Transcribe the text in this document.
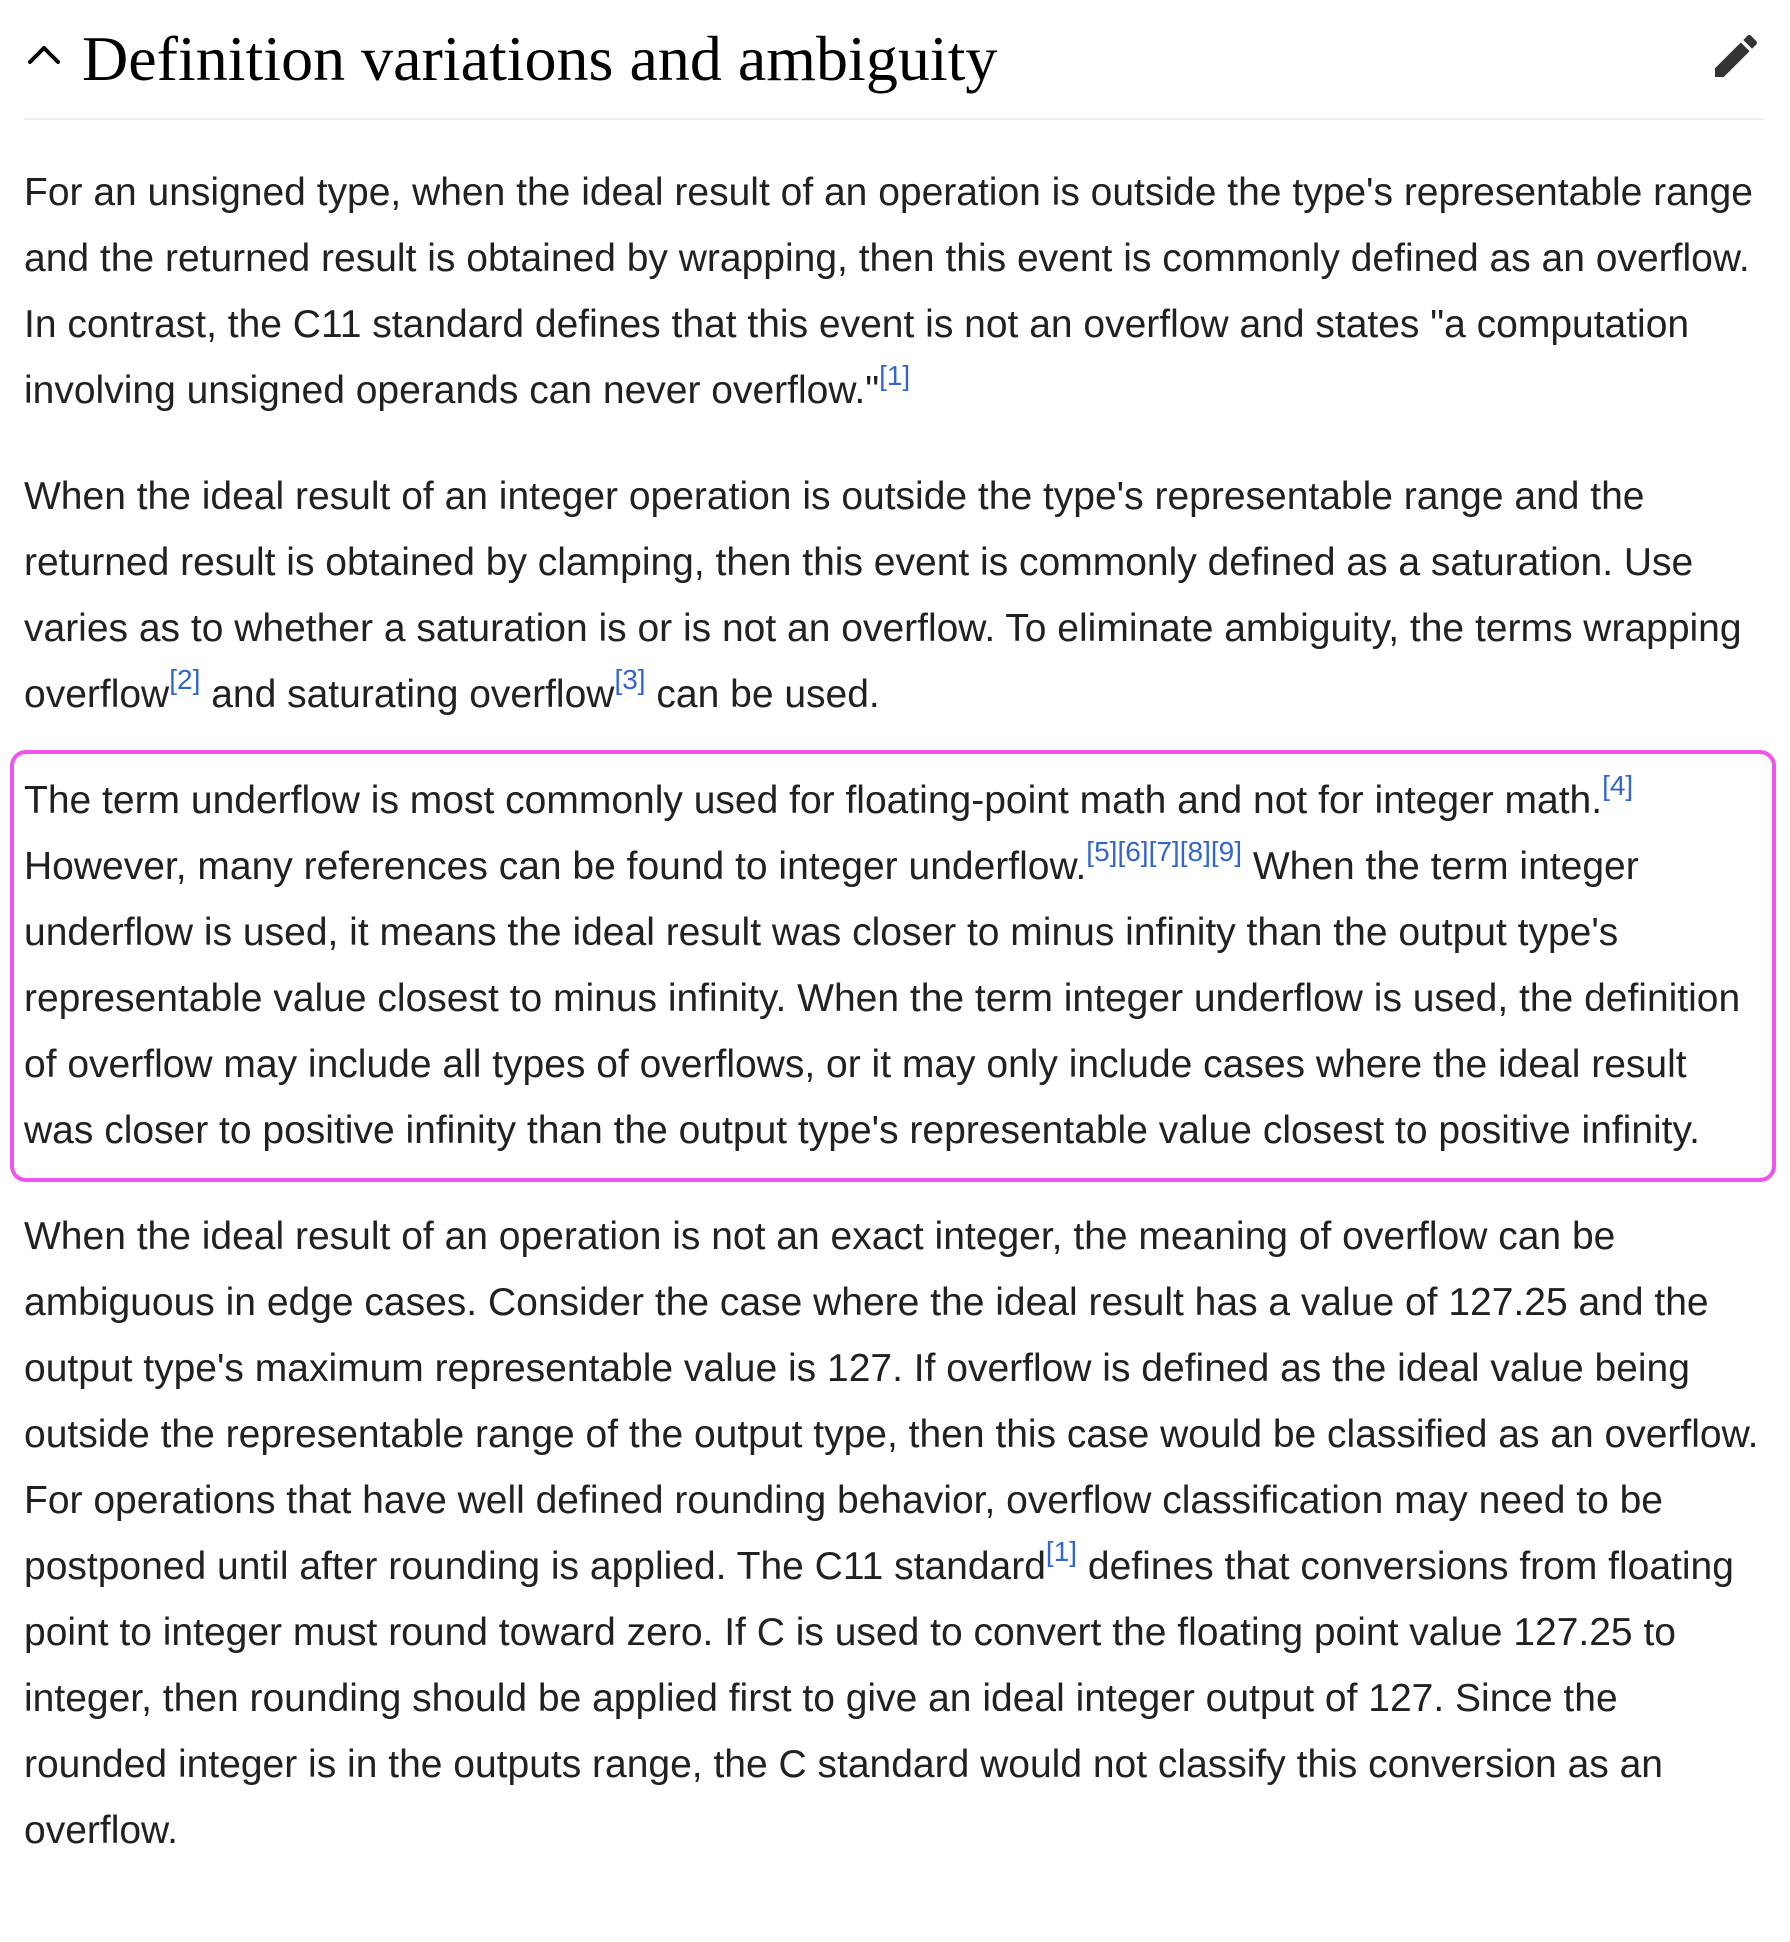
Definition variations and ambiguity

For an unsigned type, when the ideal result of an operation is outside the type's representable range and the returned result is obtained by wrapping, then this event is commonly defined as an overflow. In contrast, the C11 standard defines that this event is not an overflow and states "a computation involving unsigned operands can never overflow."[1]

When the ideal result of an integer operation is outside the type's representable range and the returned result is obtained by clamping, then this event is commonly defined as a saturation. Use varies as to whether a saturation is or is not an overflow. To eliminate ambiguity, the terms wrapping overflow[2] and saturating overflow[3] can be used.

The term underflow is most commonly used for floating-point math and not for integer math.[4] However, many references can be found to integer underflow.[5][6][7][8][9] When the term integer underflow is used, it means the ideal result was closer to minus infinity than the output type's representable value closest to minus infinity. When the term integer underflow is used, the definition of overflow may include all types of overflows, or it may only include cases where the ideal result was closer to positive infinity than the output type's representable value closest to positive infinity.

When the ideal result of an operation is not an exact integer, the meaning of overflow can be ambiguous in edge cases. Consider the case where the ideal result has a value of 127.25 and the output type's maximum representable value is 127. If overflow is defined as the ideal value being outside the representable range of the output type, then this case would be classified as an overflow. For operations that have well defined rounding behavior, overflow classification may need to be postponed until after rounding is applied. The C11 standard[1] defines that conversions from floating point to integer must round toward zero. If C is used to convert the floating point value 127.25 to integer, then rounding should be applied first to give an ideal integer output of 127. Since the rounded integer is in the outputs range, the C standard would not classify this conversion as an overflow.
